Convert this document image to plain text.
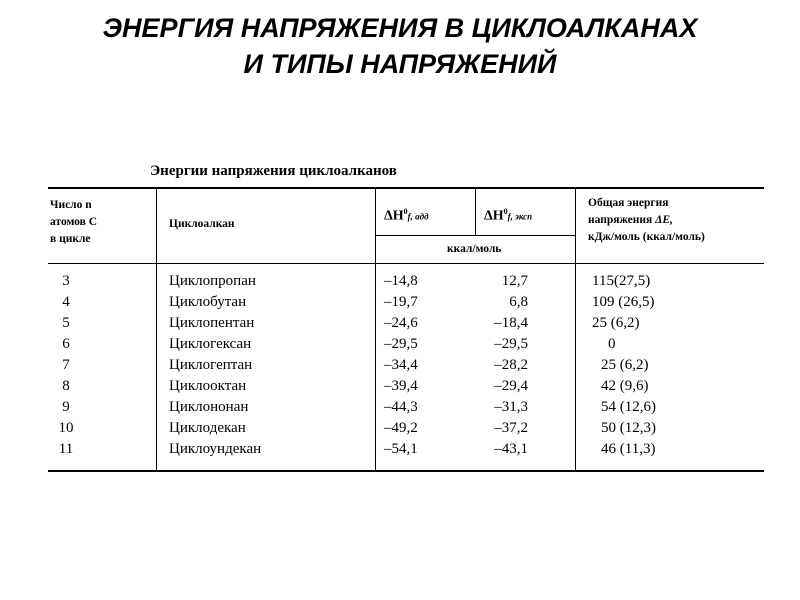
ЭНЕРГИЯ НАПРЯЖЕНИЯ В ЦИКЛОАЛКАНАХ
И ТИПЫ НАПРЯЖЕНИЙ
Энергии напряжения циклоалканов
Число n
атомов С
в цикле
Циклоалкан
$\Delta H^0f$, адд	$\Delta H^0f$, эксп
ккал/моль
Общая энергия
напряжения ΔE,
кДж/моль (ккал/моль)
3	Циклопропан	–14,8	12,7	115(27,5)
4	Циклобутан	–19,7	6,8	109 (26,5)
5	Циклопентан	–24,6	–18,4	25 (6,2)
6	Циклогексан	–29,5	–29,5	0
7	Циклогептан	–34,4	–28,2	25 (6,2)
8	Циклооктан	–39,4	–29,4	42 (9,6)
9	Циклононан	–44,3	–31,3	54 (12,6)
10	Циклодекан	–49,2	–37,2	50 (12,3)
11	Циклоундекан	–54,1	–43,1	46 (11,3)
